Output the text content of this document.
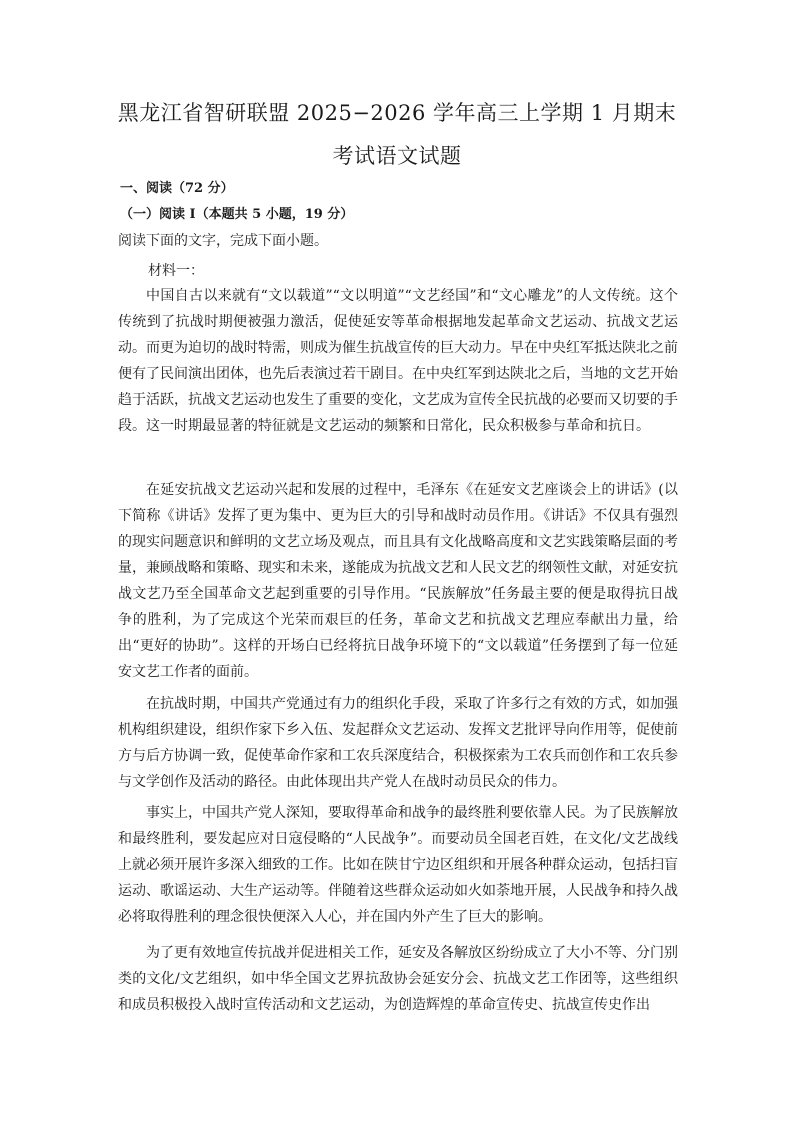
黑龙江省智研联盟 2025−2026 学年高三上学期 1 月期末
考试语文试题
一、阅读（72 分）
（一）阅读 I（本题共 5 小题，19 分）
阅读下面的文字，完成下面小题。
材料一：

中国自古以来就有“文以载道”“文以明道”“文艺经国”和“文心雕龙”的人文传统。这个传统到了抗战时期便被强力激活，促使延安等革命根据地发起革命文艺运动、抗战文艺运动。而更为迫切的战时特需，则成为催生抗战宣传的巨大动力。早在中央红军抵达陕北之前便有了民间演出团体，也先后表演过若干剧目。在中央红军到达陕北之后，当地的文艺开始趋于活跃，抗战文艺运动也发生了重要的变化，文艺成为宣传全民抗战的必要而又切要的手段。这一时期最显著的特征就是文艺运动的频繁和日常化，民众积极参与革命和抗日。

在延安抗战文艺运动兴起和发展的过程中，毛泽东《在延安文艺座谈会上的讲话》(以下简称《讲话》发挥了更为集中、更为巨大的引导和战时动员作用。《讲话》不仅具有强烈的现实问题意识和鲜明的文艺立场及观点，而且具有文化战略高度和文艺实践策略层面的考量，兼顾战略和策略、现实和未来，遂能成为抗战文艺和人民文艺的纲领性文献，对延安抗战文艺乃至全国革命文艺起到重要的引导作用。“民族解放”任务最主要的便是取得抗日战争的胜利，为了完成这个光荣而艰巨的任务，革命文艺和抗战文艺理应奉献出力量，给出“更好的协助”。这样的开场白已经将抗日战争环境下的“文以载道”任务摆到了每一位延安文艺工作者的面前。

在抗战时期，中国共产党通过有力的组织化手段，采取了许多行之有效的方式，如加强机构组织建设，组织作家下乡入伍、发起群众文艺运动、发挥文艺批评导向作用等，促使前方与后方协调一致，促使革命作家和工农兵深度结合，积极探索为工农兵而创作和工农兵参与文学创作及活动的路径。由此体现出共产党人在战时动员民众的伟力。

事实上，中国共产党人深知，要取得革命和战争的最终胜利要依靠人民。为了民族解放和最终胜利，要发起应对日寇侵略的“人民战争”。而要动员全国老百姓，在文化/文艺战线上就必须开展许多深入细致的工作。比如在陕甘宁边区组织和开展各种群众运动，包括扫盲运动、歌谣运动、大生产运动等。伴随着这些群众运动如火如荼地开展，人民战争和持久战必将取得胜利的理念很快便深入人心，并在国内外产生了巨大的影响。

为了更有效地宣传抗战并促进相关工作，延安及各解放区纷纷成立了大小不等、分门别类的文化/文艺组织，如中华全国文艺界抗敌协会延安分会、抗战文艺工作团等，这些组织和成员积极投入战时宣传活动和文艺运动，为创造辉煌的革命宣传史、抗战宣传史作出
